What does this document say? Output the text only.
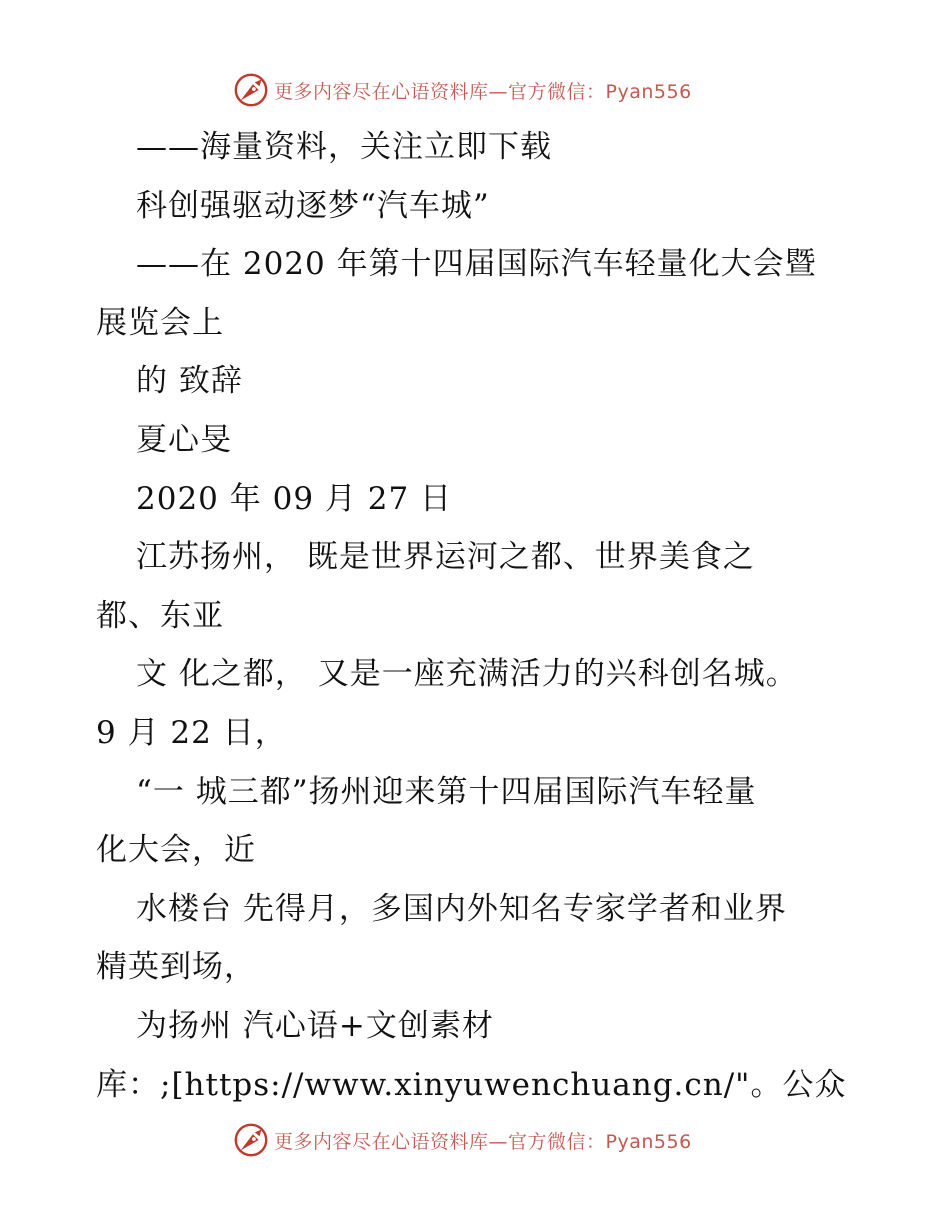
更多内容尽在心语资料库—官方微信：Pyan556
——海量资料，关注立即下载
科创强驱动逐梦“汽车城”
——在 2020 年第十四届国际汽车轻量化大会暨
展览会上
的 致辞
夏心旻
2020 年 09 月 27 日
江苏扬州， 既是世界运河之都、世界美食之
都、东亚
文 化之都， 又是一座充满活力的兴科创名城。
9 月 22 日，
“一 城三都”扬州迎来第十四届国际汽车轻量
化大会，近
水楼台 先得月，多国内外知名专家学者和业界
精英到场，
为扬州 汽心语+文创素材
库：;[https://www.xinyuwenchuang.cn/"。公众
更多内容尽在心语资料库—官方微信：Pyan556
